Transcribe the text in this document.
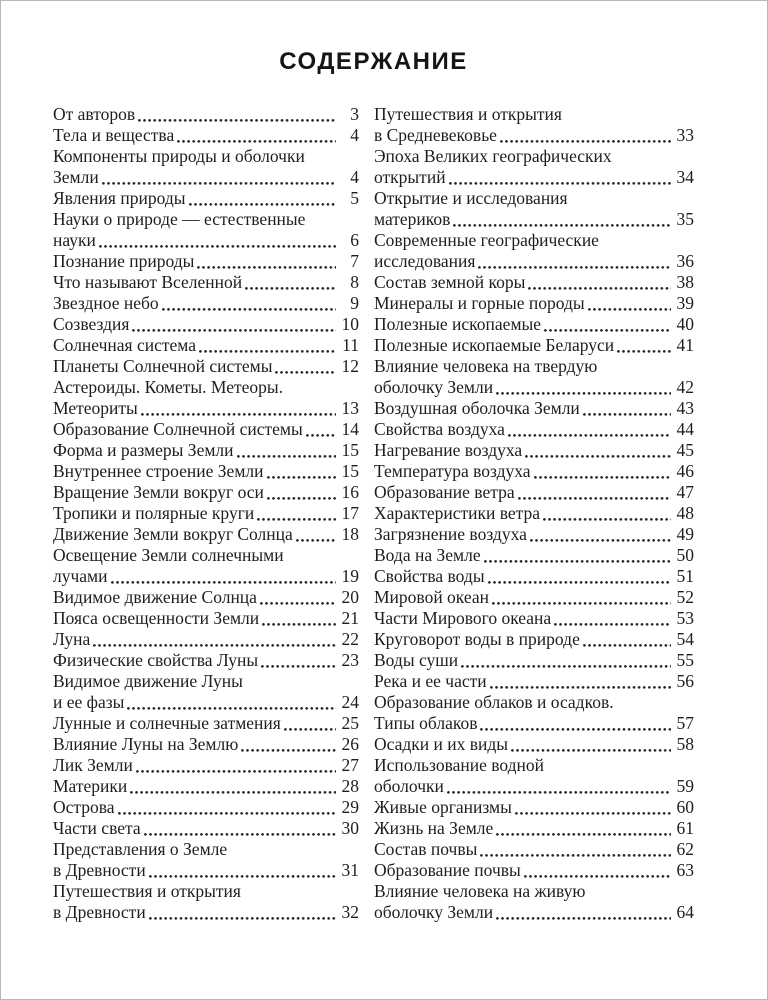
СОДЕРЖАНИЕ
От авторов	3
Тела и вещества	4
Компоненты природы и оболочки
Земли	4
Явления природы	5
Науки о природе — естественные
науки	6
Познание природы	7
Что называют Вселенной	8
Звездное небо	9
Созвездия	10
Солнечная система	11
Планеты Солнечной системы	12
Астероиды. Кометы. Метеоры.
Метеориты	13
Образование Солнечной системы 14
Форма и размеры Земли	15
Внутреннее строение Земли	15
Вращение Земли вокруг оси	16
Тропики и полярные круги	17
Движение Земли вокруг Солнца	18
Освещение Земли солнечными
лучами	19
Видимое движение Солнца	20
Пояса освещенности Земли	21
Луна	22
Физические свойства Луны	23
Видимое движение Луны
и ее фазы	24
Лунные и солнечные затмения	25
Влияние Луны на Землю	26
Лик Земли	27
Материки	28
Острова	29
Части света	30
Представления о Земле
в Древности	31
Путешествия и открытия
в Древности	32
Путешествия и открытия
в Средневековье	33
Эпоха Великих географических
открытий	34
Открытие и исследования
материков	35
Современные географические
исследования	36
Состав земной коры	38
Минералы и горные породы	39
Полезные ископаемые	40
Полезные ископаемые Беларуси	41
Влияние человека на твердую
оболочку Земли	42
Воздушная оболочка Земли	43
Свойства воздуха	44
Нагревание воздуха	45
Температура воздуха	46
Образование ветра	47
Характеристики ветра	48
Загрязнение воздуха	49
Вода на Земле	50
Свойства воды	51
Мировой океан	52
Части Мирового океана	53
Круговорот воды в природе	54
Воды суши	55
Река и ее части	56
Образование облаков и осадков.
Типы облаков	57
Осадки и их виды	58
Использование водной
оболочки	59
Живые организмы	60
Жизнь на Земле	61
Состав почвы	62
Образование почвы	63
Влияние человека на живую
оболочку Земли	64
